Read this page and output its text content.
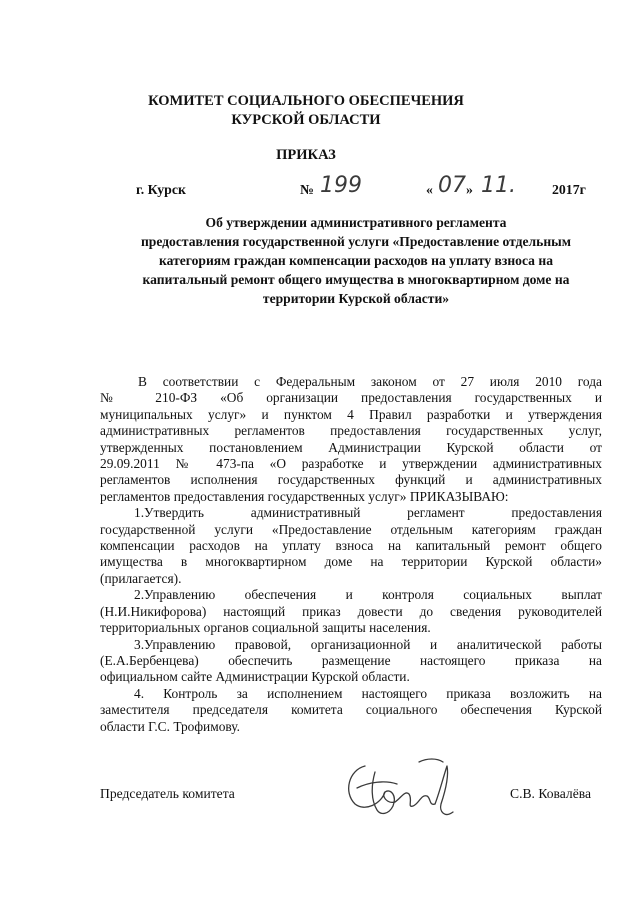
КОМИТЕТ СОЦИАЛЬНОГО ОБЕСПЕЧЕНИЯ
КУРСКОЙ ОБЛАСТИ
ПРИКАЗ
г. Курск	№ 199	« 07 » 11.	2017г
Об утверждении административного регламента
предоставления государственной услуги «Предоставление отдельным
категориям граждан компенсации расходов на уплату взноса на
капитальный ремонт общего имущества в многоквартирном доме на
территории Курской области»
В соответствии с Федеральным законом от 27 июля 2010 года
№ 210-ФЗ «Об организации предоставления государственных и
муниципальных услуг» и пунктом 4 Правил разработки и утверждения
административных регламентов предоставления государственных услуг,
утвержденных постановлением Администрации Курской области от
29.09.2011 № 473-па «О разработке и утверждении административных
регламентов исполнения государственных функций и административных
регламентов предоставления государственных услуг» ПРИКАЗЫВАЮ:
1.Утвердить административный регламент предоставления
государственной услуги «Предоставление отдельным категориям граждан
компенсации расходов на уплату взноса на капитальный ремонт общего
имущества в многоквартирном доме на территории Курской области»
(прилагается).
2.Управлению обеспечения и контроля социальных выплат
(Н.И.Никифорова) настоящий приказ довести до сведения руководителей
территориальных органов социальной защиты населения.
3.Управлению правовой, организационной и аналитической работы
(Е.А.Бербенцева) обеспечить размещение настоящего приказа на
официальном сайте Администрации Курской области.
4. Контроль за исполнением настоящего приказа возложить на
заместителя председателя комитета социального обеспечения Курской
области Г.С. Трофимову.
Председатель комитета	С.В. Ковалёва
